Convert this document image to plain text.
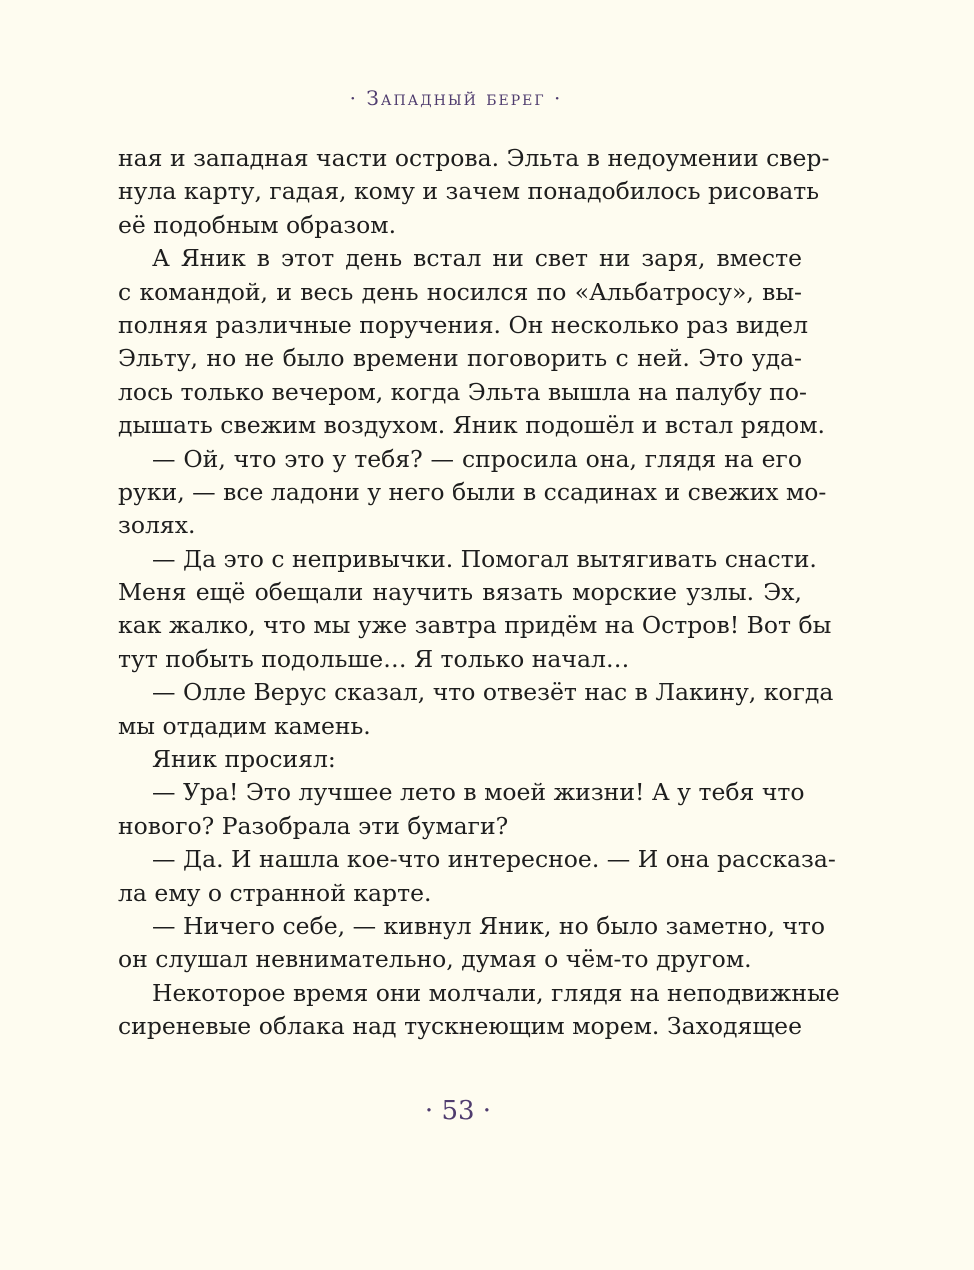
· Западный берег ·
ная и западная части острова. Эльта в недоумении свер-
нула карту, гадая, кому и зачем понадобилось рисовать
её подобным образом.
А Яник в этот день встал ни свет ни заря, вместе
с командой, и весь день носился по «Альбатросу», вы-
полняя различные поручения. Он несколько раз видел
Эльту, но не было времени поговорить с ней. Это уда-
лось только вечером, когда Эльта вышла на палубу по-
дышать свежим воздухом. Яник подошёл и встал рядом.
— Ой, что это у тебя? — спросила она, глядя на его
руки, — все ладони у него были в ссадинах и свежих мо-
золях.
— Да это с непривычки. Помогал вытягивать снасти.
Меня ещё обещали научить вязать морские узлы. Эх,
как жалко, что мы уже завтра придём на Остров! Вот бы
тут побыть подольше… Я только начал…
— Олле Верус сказал, что отвезёт нас в Лакину, когда
мы отдадим камень.
Яник просиял:
— Ура! Это лучшее лето в моей жизни! А у тебя что
нового? Разобрала эти бумаги?
— Да. И нашла кое-что интересное. — И она рассказа-
ла ему о странной карте.
— Ничего себе, — кивнул Яник, но было заметно, что
он слушал невнимательно, думая о чём-то другом.
Некоторое время они молчали, глядя на неподвижные
сиреневые облака над тускнеющим морем. Заходящее
· 53 ·
